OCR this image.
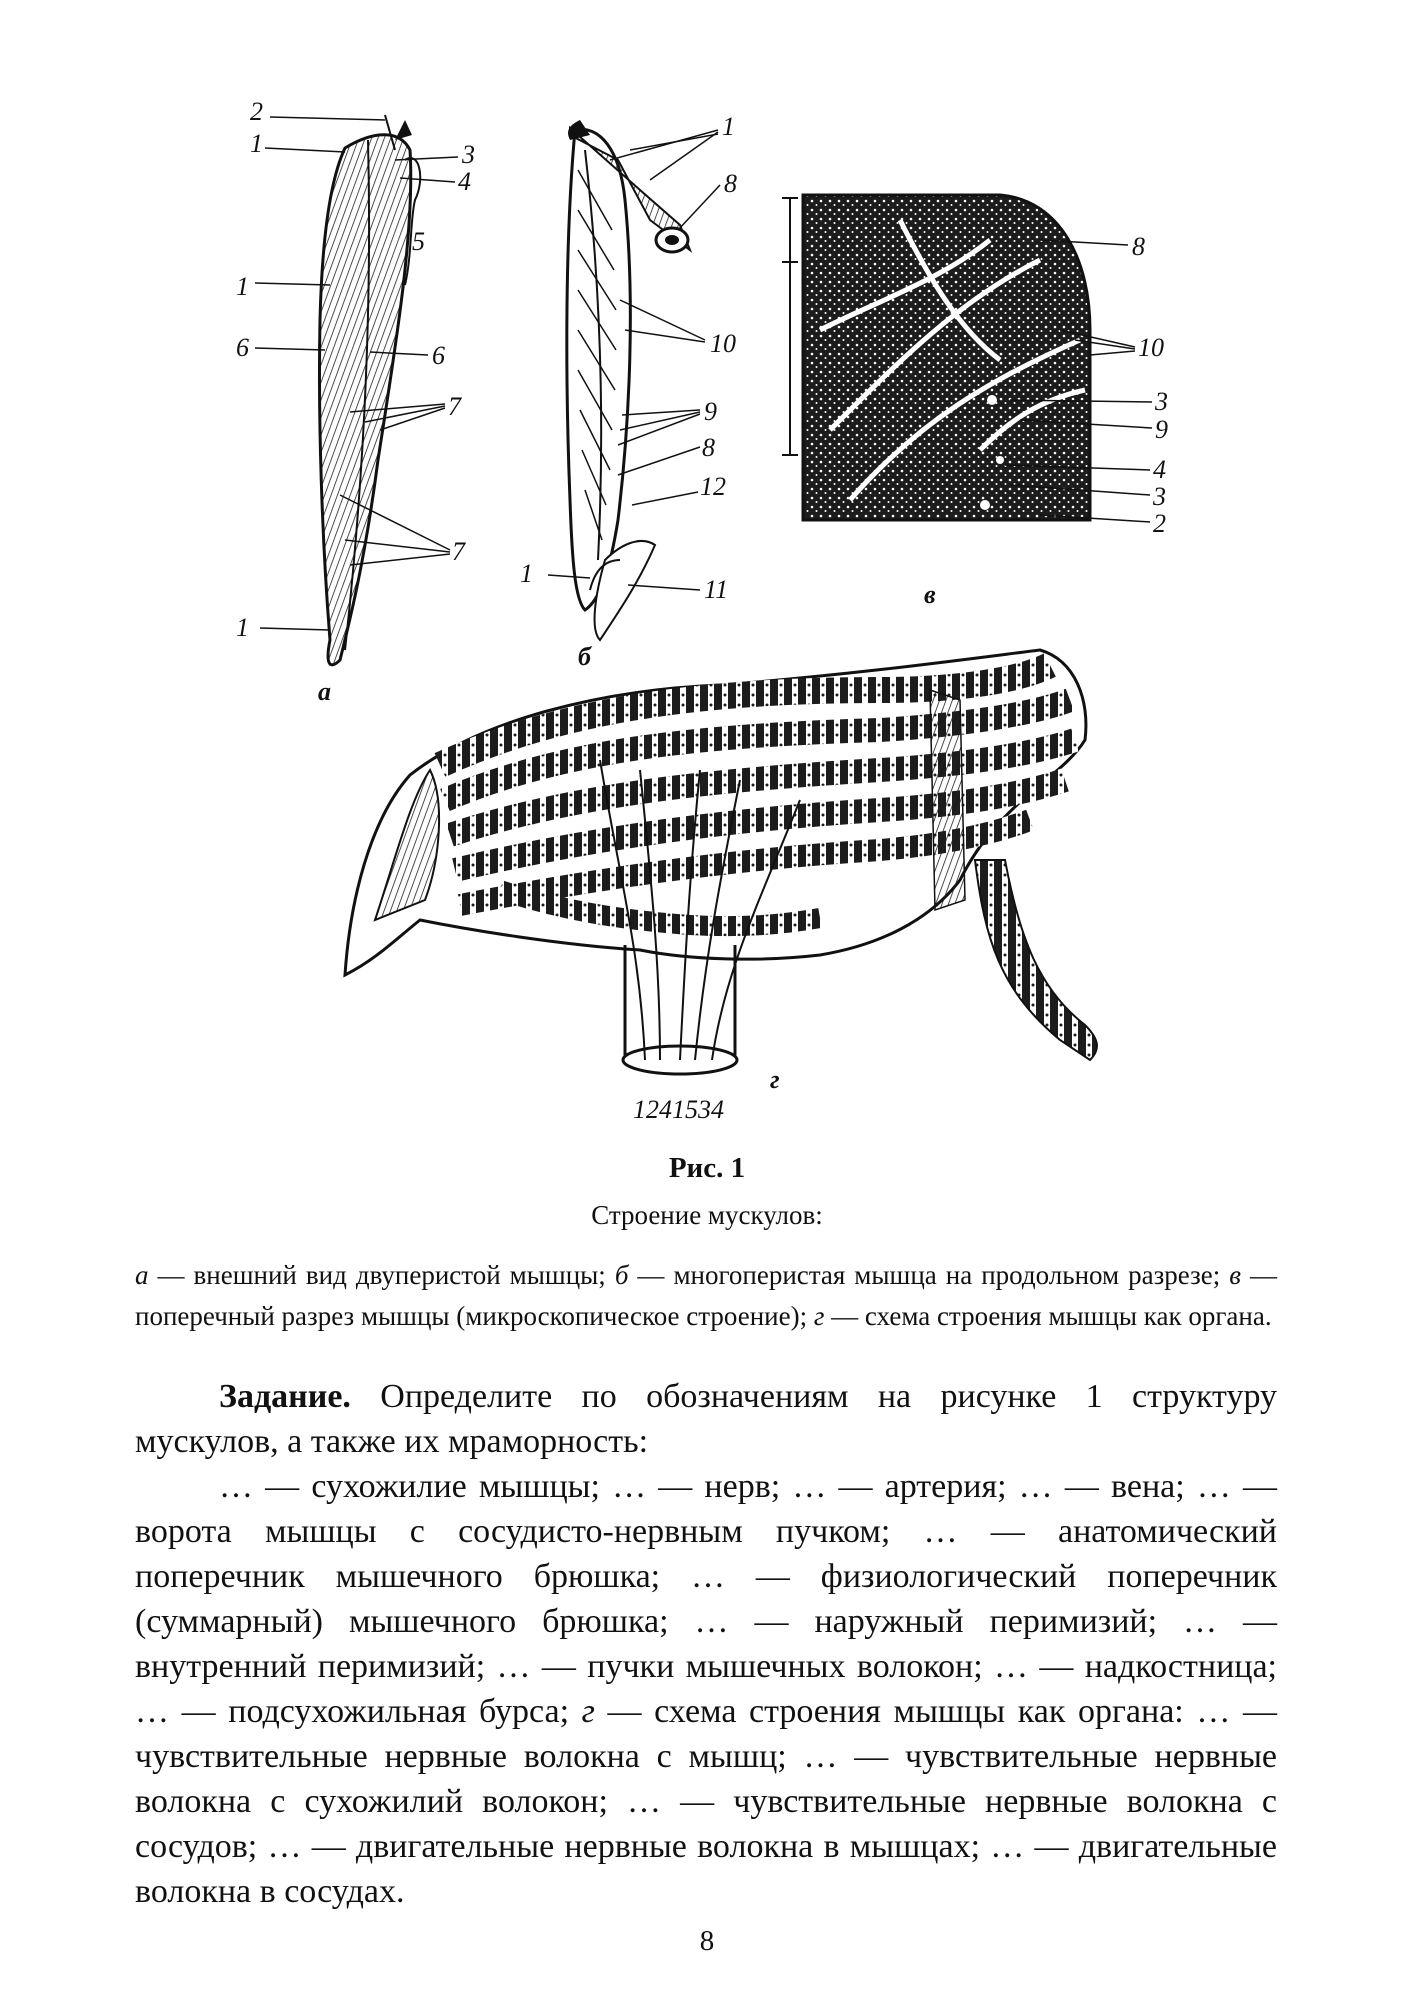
2
1	3
4
5
1
6	6
7
7
1
а
1
8
10
9
8
12
1
11
б
8
10
3
9
4
3
2
в
1241534
г
Рис. 1
Строение мускулов:
а — внешний вид двуперистой мышцы; б — многоперистая мышца на продольном разрезе; в — поперечный разрез мышцы (микроскопическое строение); г — схема строения мышцы как органа.

Задание. Определите по обозначениям на рисунке 1 структуру мускулов, а также их мраморность:

… — сухожилие мышцы; … — нерв; … — артерия; … — вена; … — ворота мышцы с сосудисто-нервным пучком; … — анатомический поперечник мышечного брюшка; … — физиологический поперечник (суммарный) мышечного брюшка; … — наружный перимизий; … — внутренний перимизий; … — пучки мышечных волокон; … — надкостница; … — подсухожильная бурса; г — схема строения мышцы как органа: … — чувствительные нервные волокна с мышц; … — чувствительные нервные волокна с сухожилий волокон; … — чувствительные нервные волокна с сосудов; … — двигательные нервные волокна в мышцах; … — двигательные волокна в сосудах.

8
